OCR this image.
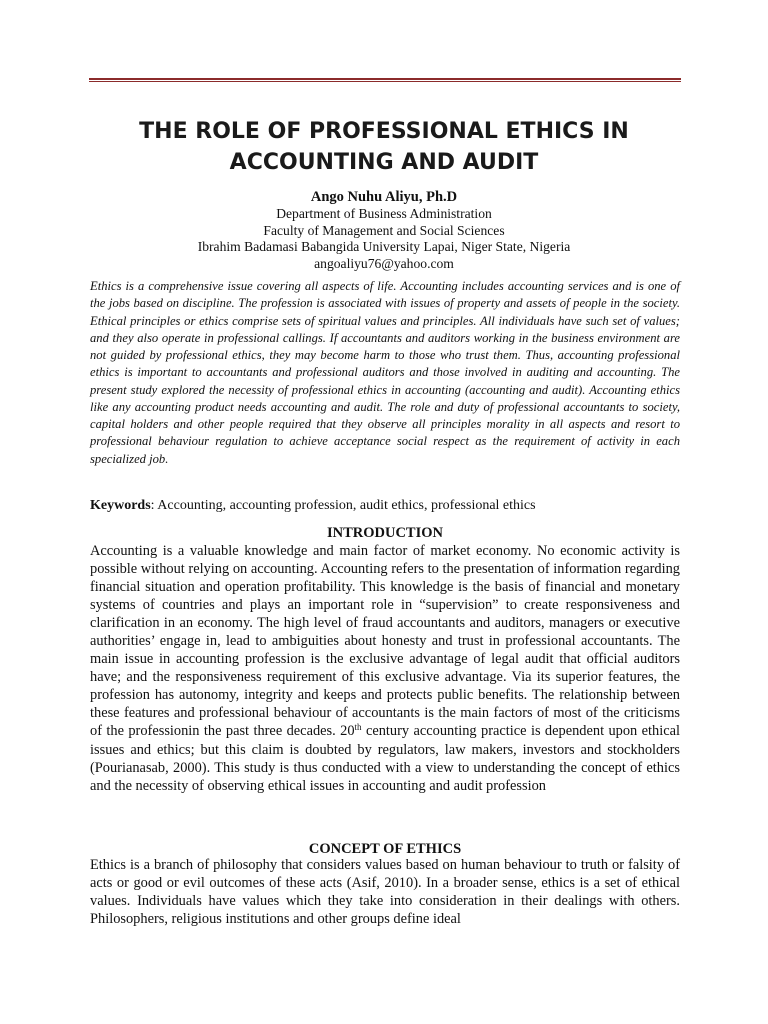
THE ROLE OF PROFESSIONAL ETHICS IN ACCOUNTING AND AUDIT
Ango Nuhu Aliyu, Ph.D
Department of Business Administration
Faculty of Management and Social Sciences
Ibrahim Badamasi Babangida University Lapai, Niger State, Nigeria
angoaliyu76@yahoo.com

Ethics is a comprehensive issue covering all aspects of life. Accounting includes accounting services and is one of the jobs based on discipline. The profession is associated with issues of property and assets of people in the society. Ethical principles or ethics comprise sets of spiritual values and principles. All individuals have such set of values; and they also operate in professional callings. If accountants and auditors working in the business environment are not guided by professional ethics, they may become harm to those who trust them. Thus, accounting professional ethics is important to accountants and professional auditors and those involved in auditing and accounting. The present study explored the necessity of professional ethics in accounting (accounting and audit). Accounting ethics like any accounting product needs accounting and audit. The role and duty of professional accountants to society, capital holders and other people required that they observe all principles morality in all aspects and resort to professional behaviour regulation to achieve acceptance social respect as the requirement of activity in each specialized job.

Keywords: Accounting, accounting profession, audit ethics, professional ethics

INTRODUCTION

Accounting is a valuable knowledge and main factor of market economy. No economic activity is possible without relying on accounting. Accounting refers to the presentation of information regarding financial situation and operation profitability. This knowledge is the basis of financial and monetary systems of countries and plays an important role in “supervision” to create responsiveness and clarification in an economy. The high level of fraud accountants and auditors, managers or executive authorities’ engage in, lead to ambiguities about honesty and trust in professional accountants. The main issue in accounting profession is the exclusive advantage of legal audit that official auditors have; and the responsiveness requirement of this exclusive advantage. Via its superior features, the profession has autonomy, integrity and keeps and protects public benefits. The relationship between these features and professional behaviour of accountants is the main factors of most of the criticisms of the professionin the past three decades. 20th century accounting practice is dependent upon ethical issues and ethics; but this claim is doubted by regulators, law makers, investors and stockholders (Pourianasab, 2000). This study is thus conducted with a view to understanding the concept of ethics and the necessity of observing ethical issues in accounting and audit profession

CONCEPT OF ETHICS

Ethics is a branch of philosophy that considers values based on human behaviour to truth or falsity of acts or good or evil outcomes of these acts (Asif, 2010). In a broader sense, ethics is a set of ethical values. Individuals have values which they take into consideration in their dealings with others. Philosophers, religious institutions and other groups define ideal
